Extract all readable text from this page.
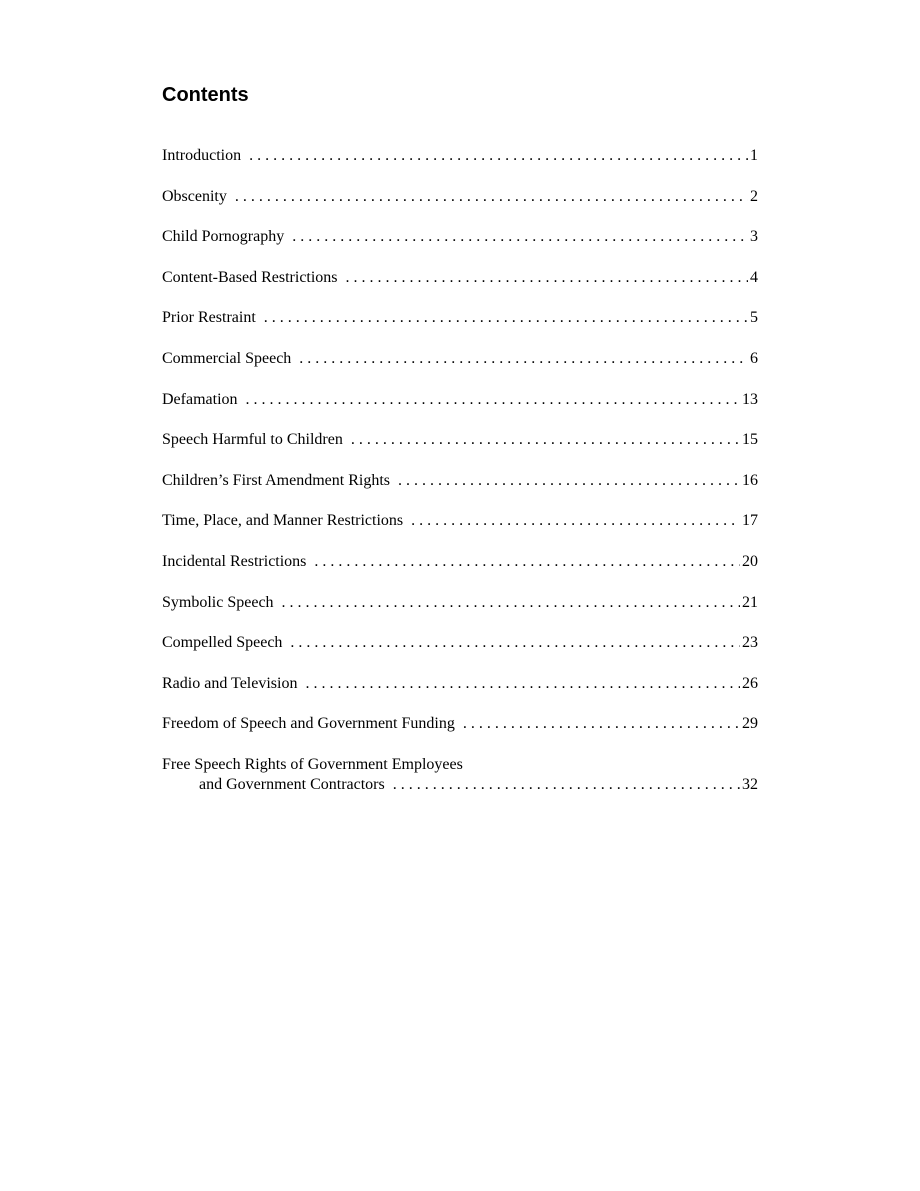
Contents
Introduction . . .	1
Obscenity . . .	2
Child Pornography . . .	3
Content-Based Restrictions . . .	4
Prior Restraint . . .	5
Commercial Speech . . .	6
Defamation . . .	13
Speech Harmful to Children . . .	15
Children’s First Amendment Rights . . .	16
Time, Place, and Manner Restrictions . . .	17
Incidental Restrictions . . .	20
Symbolic Speech . . .	21
Compelled Speech . . .	23
Radio and Television . . .	26
Freedom of Speech and Government Funding . . .	29
Free Speech Rights of Government Employees
and Government Contractors . . .	32
